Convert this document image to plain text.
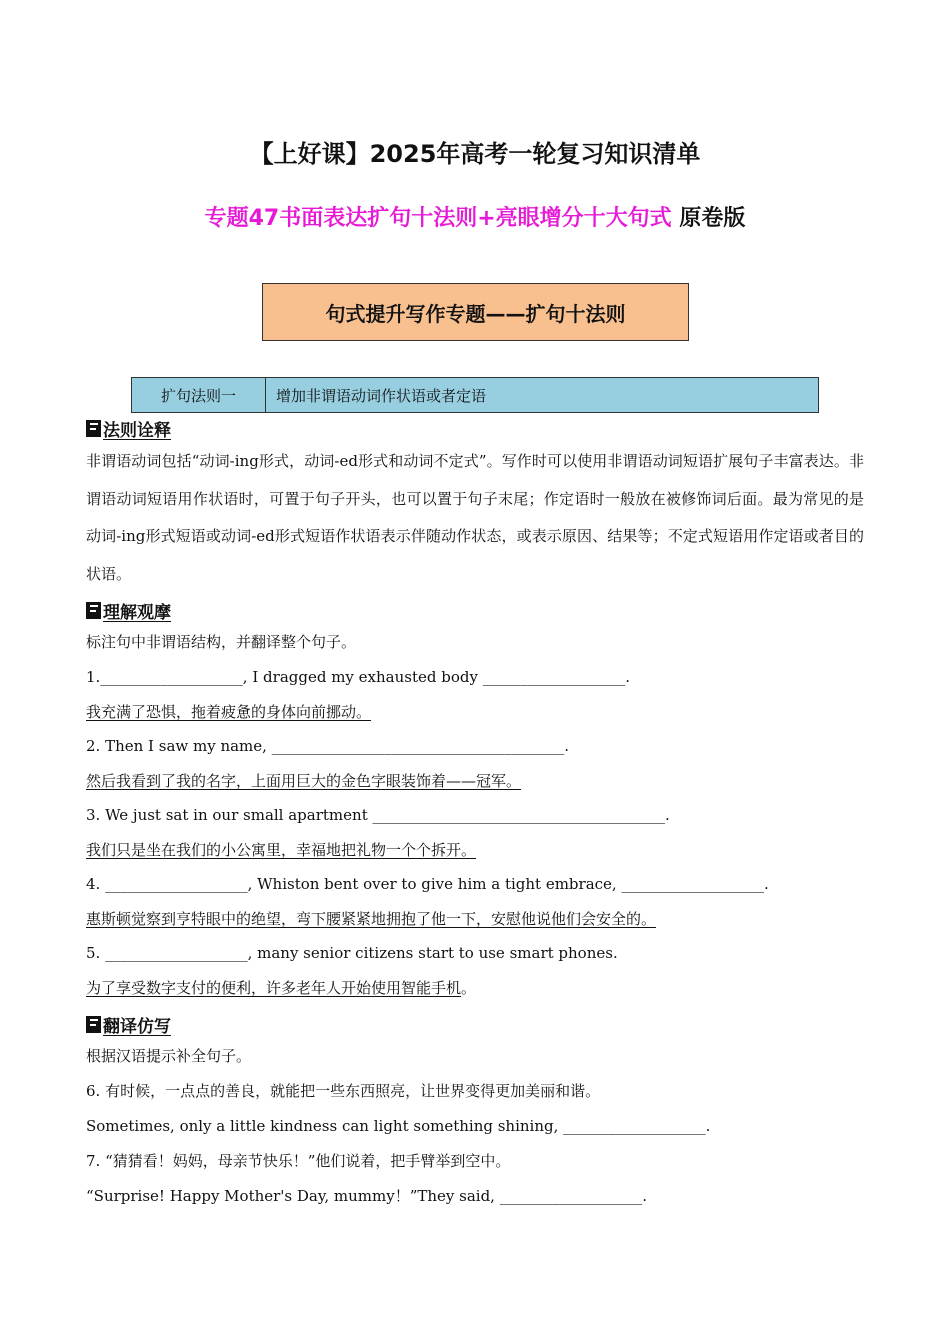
【上好课】2025年高考一轮复习知识清单
专题47书面表达扩句十法则+亮眼增分十大句式 原卷版
句式提升写作专题——扩句十法则
扩句法则一	增加非谓语动词作状语或者定语
法则诠释
非谓语动词包括“动词-ing形式，动词-ed形式和动词不定式”。写作时可以使用非谓语动词短语扩展句子丰富表达。非谓语动词短语用作状语时，可置于句子开头，也可以置于句子末尾；作定语时一般放在被修饰词后面。最为常见的是动词-ing形式短语或动词-ed形式短语作状语表示伴随动作状态，或表示原因、结果等；不定式短语用作定语或者目的状语。
理解观摩
标注句中非谓语结构，并翻译整个句子。
1.___________________, I dragged my exhausted body ___________________.
我充满了恐惧，拖着疲惫的身体向前挪动。
2. Then I saw my name, _______________________________________.
然后我看到了我的名字，上面用巨大的金色字眼装饰着——冠军。
3. We just sat in our small apartment _______________________________________.
我们只是坐在我们的小公寓里，幸福地把礼物一个个拆开。
4. ___________________, Whiston bent over to give him a tight embrace, ___________________.
惠斯顿觉察到亨特眼中的绝望，弯下腰紧紧地拥抱了他一下，安慰他说他们会安全的。
5. ___________________, many senior citizens start to use smart phones.
为了享受数字支付的便利，许多老年人开始使用智能手机。
翻译仿写
根据汉语提示补全句子。
6. 有时候，一点点的善良，就能把一些东西照亮，让世界变得更加美丽和谐。
Sometimes, only a little kindness can light something shining, ___________________.
7. “猜猜看！妈妈，母亲节快乐！”他们说着，把手臂举到空中。
“Surprise! Happy Mother's Day, mummy！”They said, ___________________.
